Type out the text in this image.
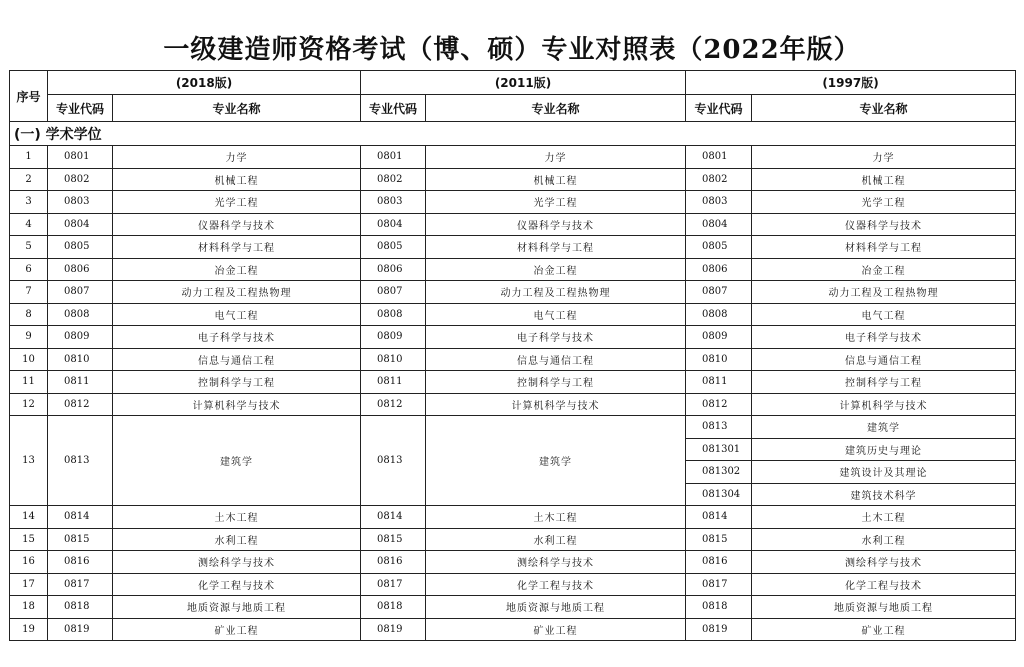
一级建造师资格考试（博、硕）专业对照表（2022年版）
序号	(2018版)		(2011版)		(1997版)	
	专业代码	专业名称	专业代码	专业名称	专业代码	专业名称
(一) 学术学位						
1	0801	力学	0801	力学	0801	力学
2	0802	机械工程	0802	机械工程	0802	机械工程
3	0803	光学工程	0803	光学工程	0803	光学工程
4	0804	仪器科学与技术	0804	仪器科学与技术	0804	仪器科学与技术
5	0805	材料科学与工程	0805	材料科学与工程	0805	材料科学与工程
6	0806	冶金工程	0806	冶金工程	0806	冶金工程
7	0807	动力工程及工程热物理	0807	动力工程及工程热物理	0807	动力工程及工程热物理
8	0808	电气工程	0808	电气工程	0808	电气工程
9	0809	电子科学与技术	0809	电子科学与技术	0809	电子科学与技术
10	0810	信息与通信工程	0810	信息与通信工程	0810	信息与通信工程
11	0811	控制科学与工程	0811	控制科学与工程	0811	控制科学与工程
12	0812	计算机科学与技术	0812	计算机科学与技术	0812	计算机科学与技术
13	0813	建筑学	0813	建筑学	0813	建筑学
					081301	建筑历史与理论
					081302	建筑设计及其理论
					081304	建筑技术科学
14	0814	土木工程	0814	土木工程	0814	土木工程
15	0815	水利工程	0815	水利工程	0815	水利工程
16	0816	测绘科学与技术	0816	测绘科学与技术	0816	测绘科学与技术
17	0817	化学工程与技术	0817	化学工程与技术	0817	化学工程与技术
18	0818	地质资源与地质工程	0818	地质资源与地质工程	0818	地质资源与地质工程
19	0819	矿业工程	0819	矿业工程	0819	矿业工程
